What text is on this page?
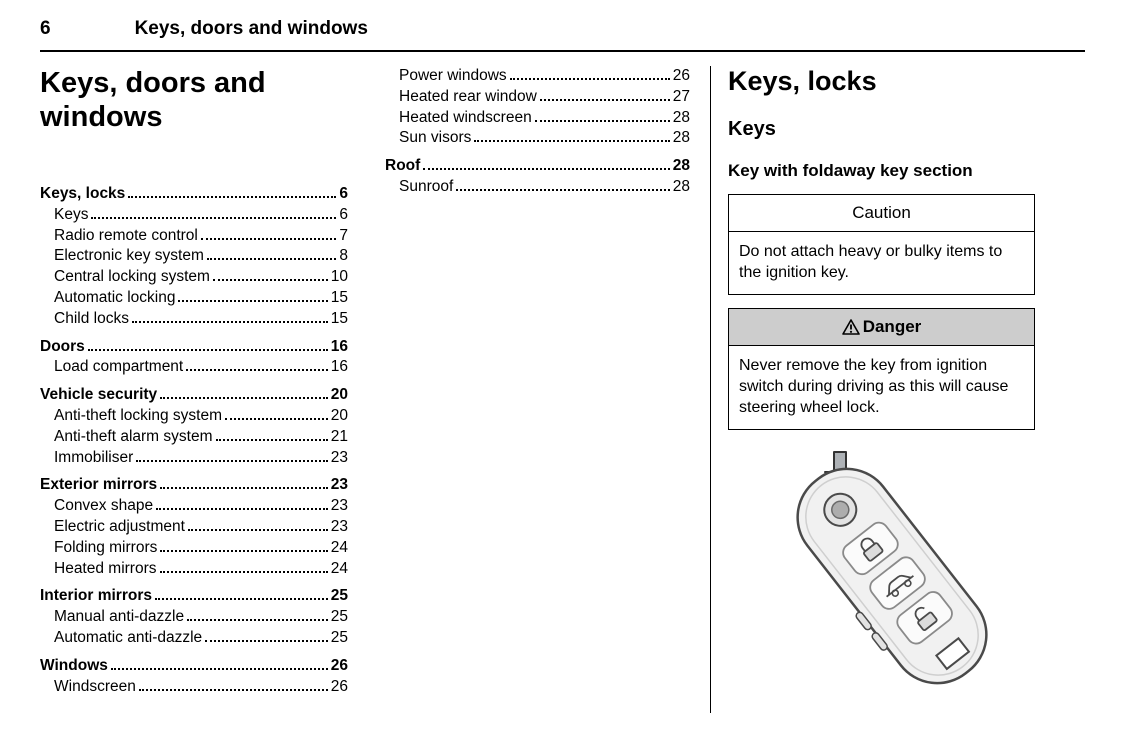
6	Keys, doors and windows
Keys, doors and windows
Keys, locks	6
Keys	6
Radio remote control	7
Electronic key system	8
Central locking system	10
Automatic locking	15
Child locks	15
Doors	16
Load compartment	16
Vehicle security	20
Anti-theft locking system	20
Anti-theft alarm system	21
Immobiliser	23
Exterior mirrors	23
Convex shape	23
Electric adjustment	23
Folding mirrors	24
Heated mirrors	24
Interior mirrors	25
Manual anti-dazzle	25
Automatic anti-dazzle	25
Windows	26
Windscreen	26
Power windows	26
Heated rear window	27
Heated windscreen	28
Sun visors	28
Roof	28
Sunroof	28
Keys, locks
Keys
Key with foldaway key section
Caution
Do not attach heavy or bulky items to the ignition key.
Danger
Never remove the key from ignition switch during driving as this will cause steering wheel lock.
